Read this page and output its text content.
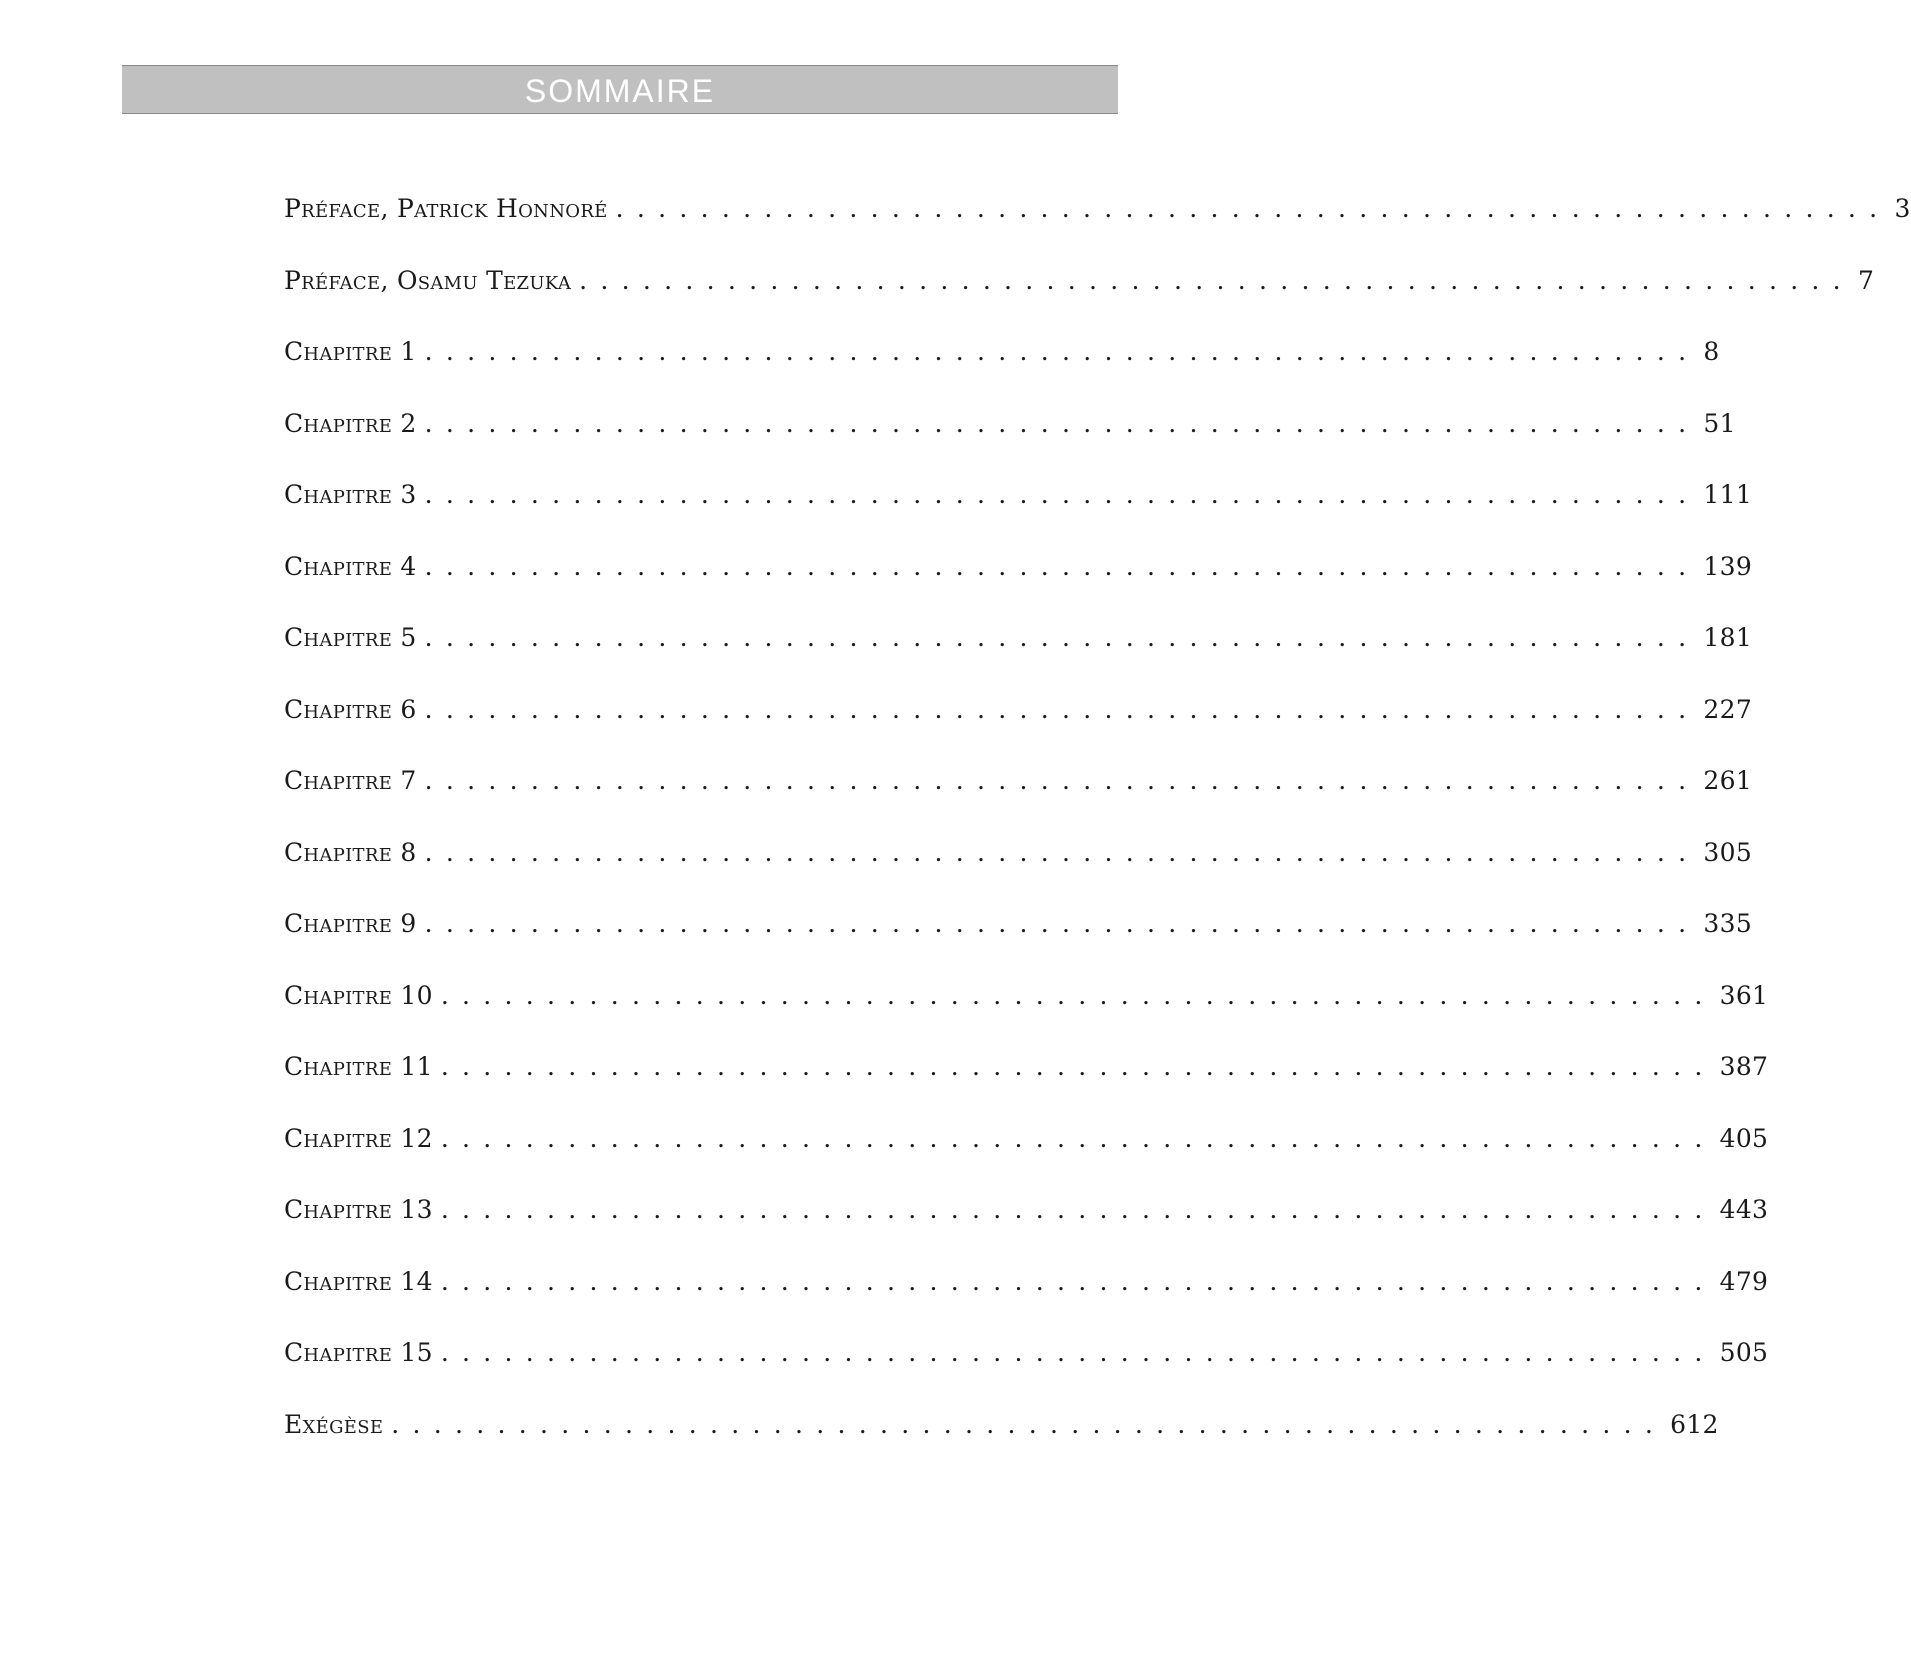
SOMMAIRE
Préface, Patrick Honnoré ............................................................ 3
Préface, Osamu Tezuka ............................................................ 7
Chapitre 1 ............................................................ 8
Chapitre 2 ............................................................ 51
Chapitre 3 ............................................................ 111
Chapitre 4 ............................................................ 139
Chapitre 5 ............................................................ 181
Chapitre 6 ............................................................ 227
Chapitre 7 ............................................................ 261
Chapitre 8 ............................................................ 305
Chapitre 9 ............................................................ 335
Chapitre 10 ............................................................ 361
Chapitre 11 ............................................................ 387
Chapitre 12 ............................................................ 405
Chapitre 13 ............................................................ 443
Chapitre 14 ............................................................ 479
Chapitre 15 ............................................................ 505
Exégèse ............................................................ 612
